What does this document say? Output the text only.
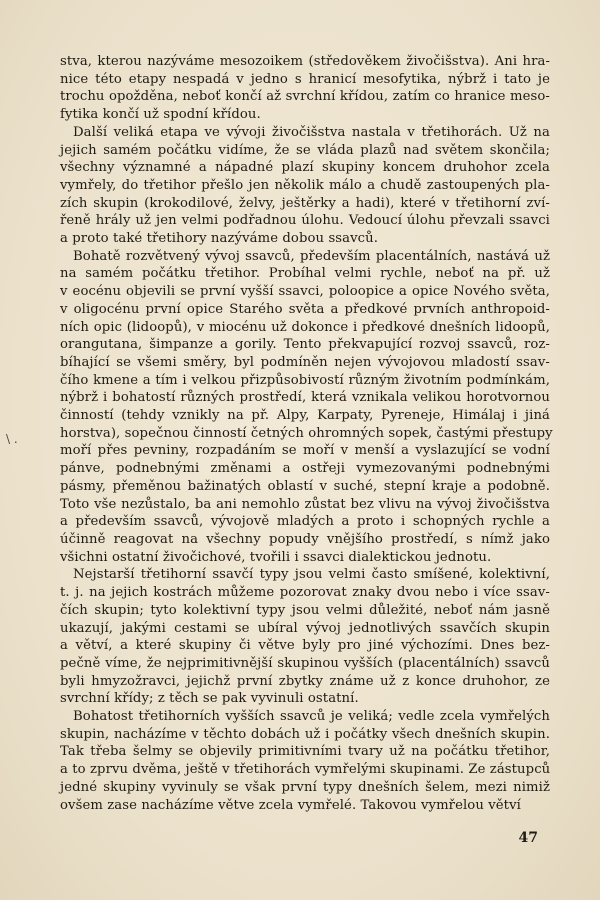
\ .
stva, kterou nazýváme mesozoikem (středověkem živočišstva). Ani hra-
nice této etapy nespadá v jedno s hranicí mesofytika, nýbrž i tato je
trochu opožděna, neboť končí až svrchní křídou, zatím co hranice meso-
fytika končí už spodní křídou.
Další veliká etapa ve vývoji živočišstva nastala v třetihorách. Už na
jejich samém počátku vidíme, že se vláda plazů nad světem skončila;
všechny významné a nápadné plazí skupiny koncem druhohor zcela
vymřely, do třetihor přešlo jen několik málo a chudě zastoupených pla-
zích skupin (krokodilové, želvy, ještěrky a hadi), které v třetihorní zví-
řeně hrály už jen velmi podřadnou úlohu. Vedoucí úlohu převzali ssavci
a proto také třetihory nazýváme dobou ssavců.
Bohatě rozvětvený vývoj ssavců, především placentálních, nastává už
na samém počátku třetihor. Probíhal velmi rychle, neboť na př. už
v eocénu objevili se první vyšší ssavci, poloopice a opice Nového světa,
v oligocénu první opice Starého světa a předkové prvních anthropoid-
ních opic (lidoopů), v miocénu už dokonce i předkové dnešních lidoopů,
orangutana, šimpanze a gorily. Tento překvapující rozvoj ssavců, roz-
bíhající se všemi směry, byl podmíněn nejen vývojovou mladostí ssav-
čího kmene a tím i velkou přizpůsobivostí různým životním podmínkám,
nýbrž i bohatostí různých prostředí, která vznikala velikou horotvornou
činností (tehdy vznikly na př. Alpy, Karpaty, Pyreneje, Himálaj i jiná
horstva), sopečnou činností četných ohromných sopek, častými přestupy
moří přes pevniny, rozpadáním se moří v menší a vyslazující se vodní
pánve, podnebnými změnami a ostřeji vymezovanými podnebnými
pásmy, přeměnou bažinatých oblastí v suché, stepní kraje a podobně.
Toto vše nezůstalo, ba ani nemohlo zůstat bez vlivu na vývoj živočišstva
a především ssavců, vývojově mladých a proto i schopných rychle a
účinně reagovat na všechny popudy vnějšího prostředí, s nímž jako
všichni ostatní živočichové, tvořili i ssavci dialektickou jednotu.
Nejstarší třetihorní ssavčí typy jsou velmi často smíšené, kolektivní,
t. j. na jejich kostrách můžeme pozorovat znaky dvou nebo i více ssav-
čích skupin; tyto kolektivní typy jsou velmi důležité, neboť nám jasně
ukazují, jakými cestami se ubíral vývoj jednotlivých ssavčích skupin
a větví, a které skupiny či větve byly pro jiné výchozími. Dnes bez-
pečně víme, že nejprimitivnější skupinou vyšších (placentálních) ssavců
byli hmyzožravci, jejichž první zbytky známe už z konce druhohor, ze
svrchní křídy; z těch se pak vyvinuli ostatní.
Bohatost třetihorních vyšších ssavců je veliká; vedle zcela vymřelých
skupin, nacházíme v těchto dobách už i počátky všech dnešních skupin.
Tak třeba šelmy se objevily primitivními tvary už na počátku třetihor,
a to zprvu dvěma, ještě v třetihorách vymřelými skupinami. Ze zástupců
jedné skupiny vyvinuly se však první typy dnešních šelem, mezi nimiž
ovšem zase nacházíme větve zcela vymřelé. Takovou vymřelou větví
47
